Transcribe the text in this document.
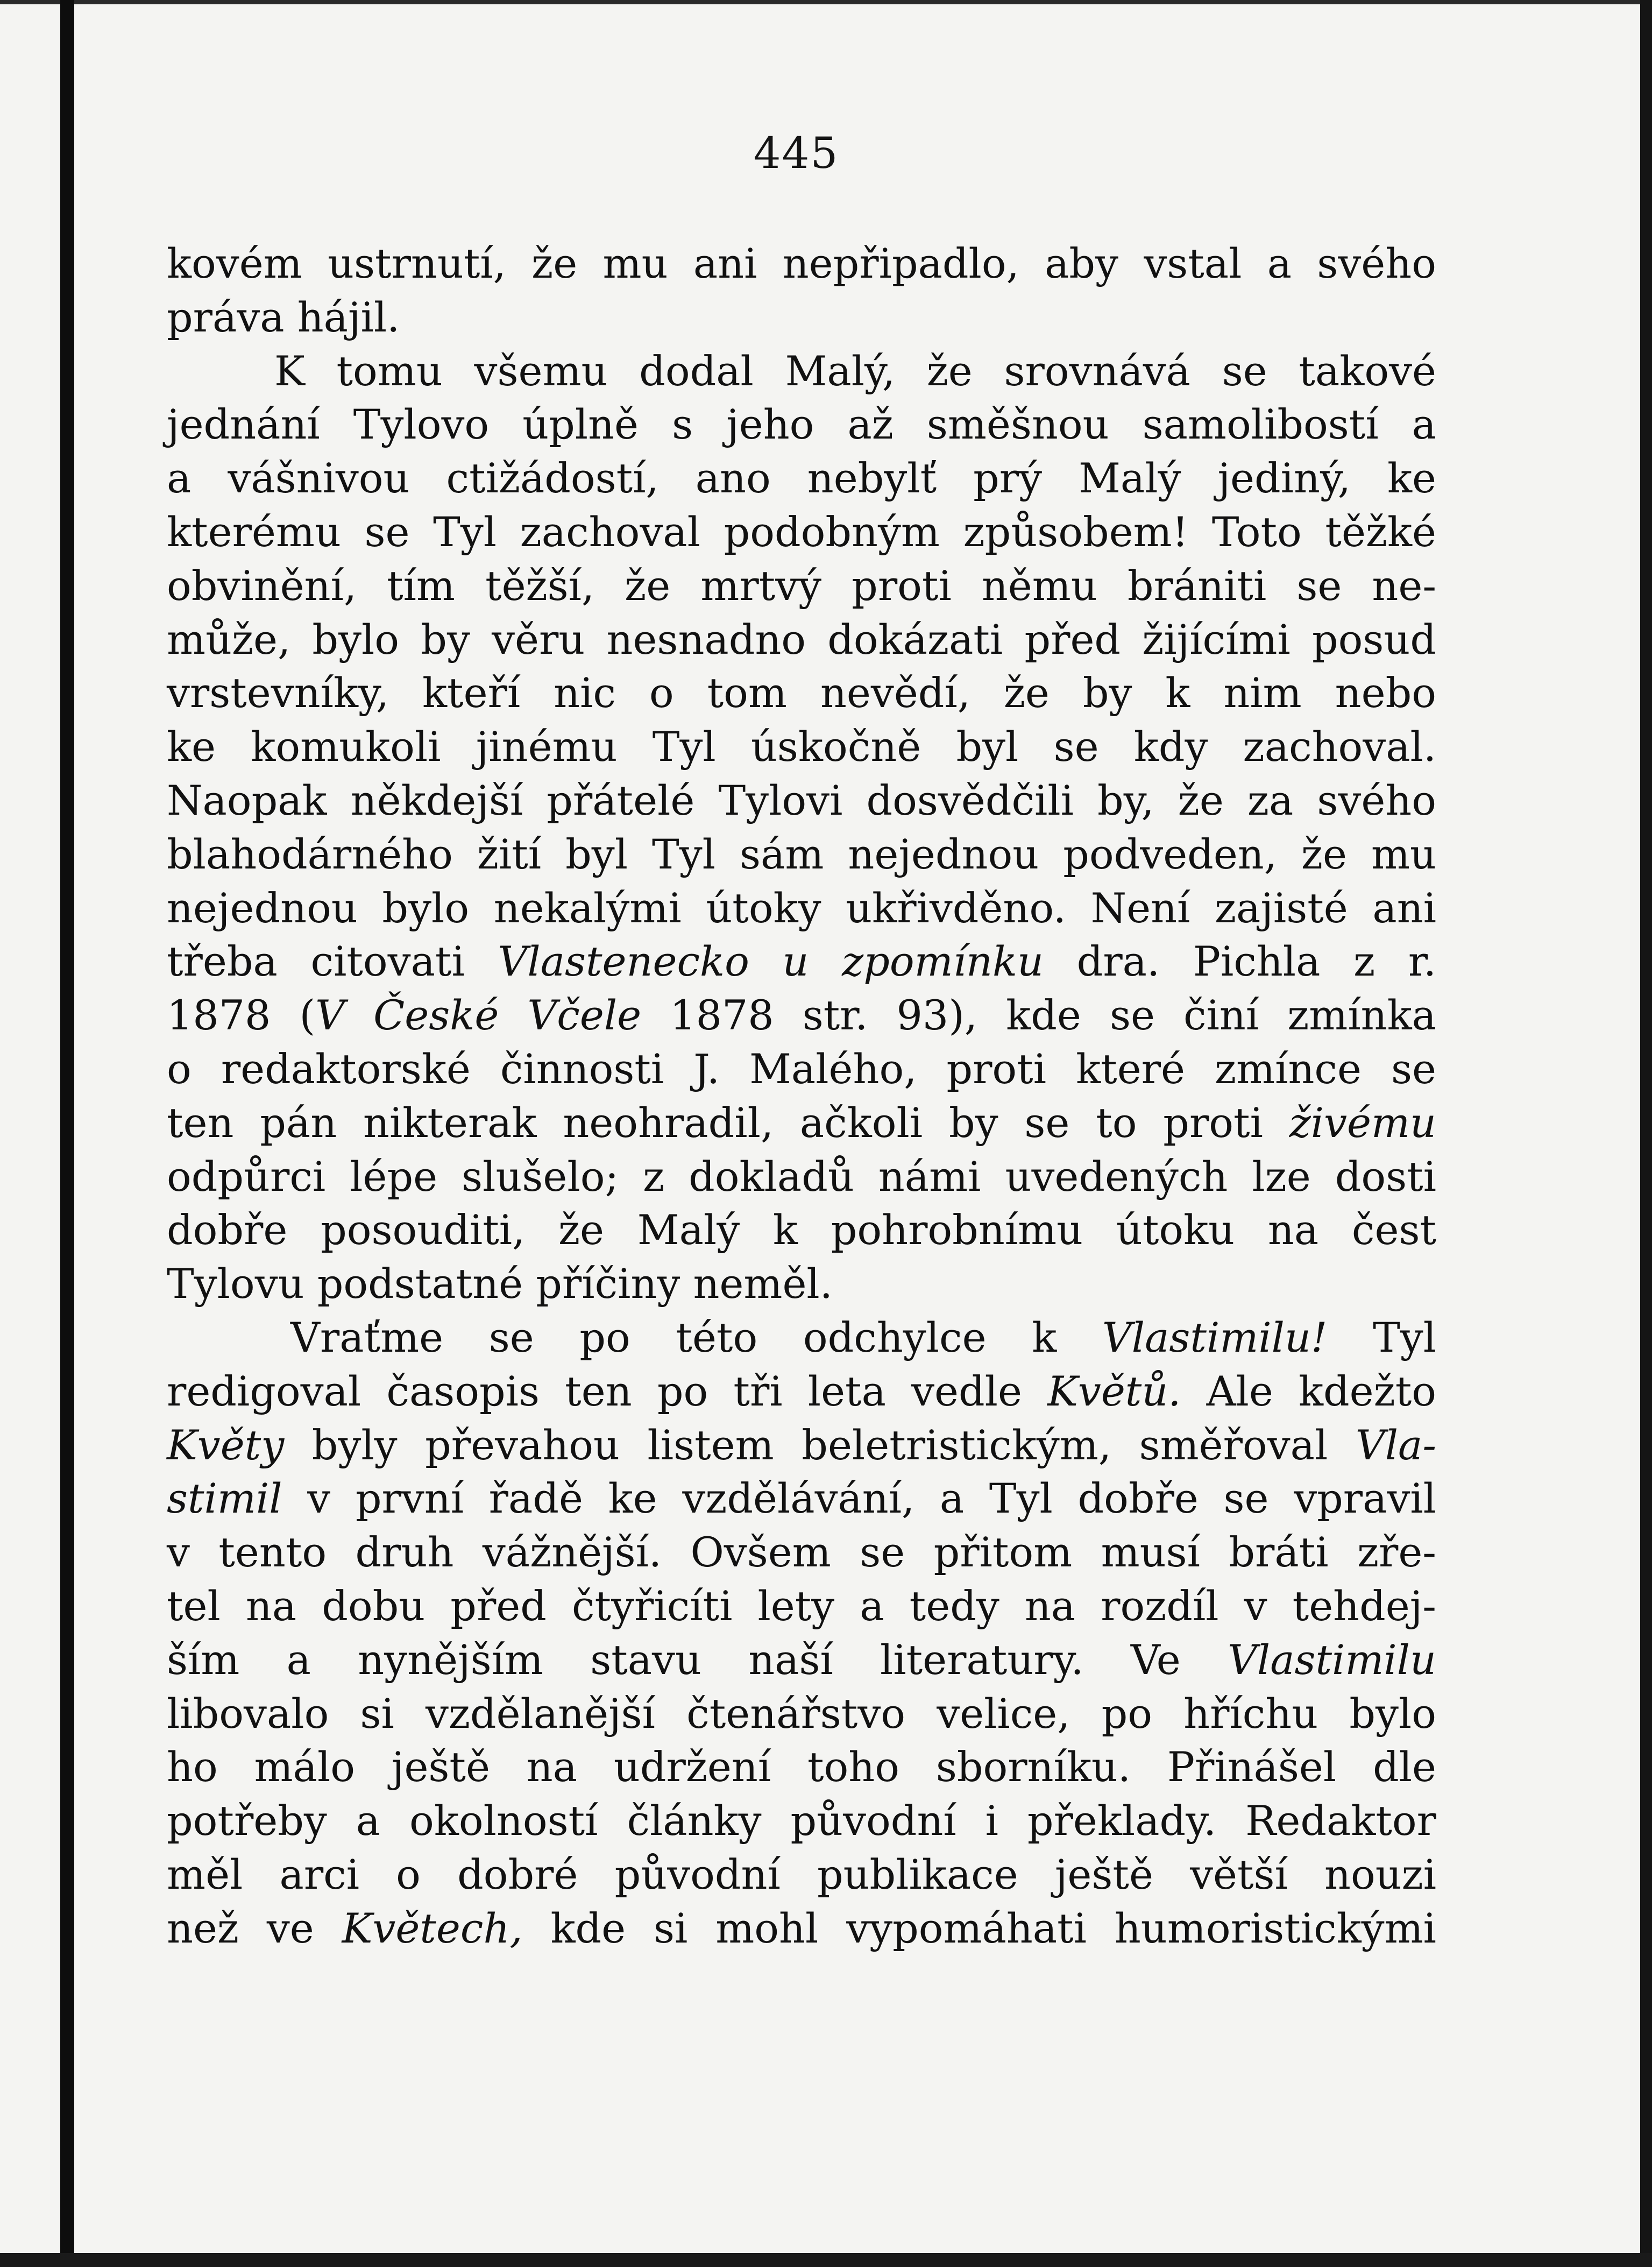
445
kovém ustrnutí, že mu ani nepřipadlo, aby vstal a svého
práva hájil.
K tomu všemu dodal Malý, že srovnává se takové
jednání Tylovo úplně s jeho až směšnou samolibostí a
a vášnivou ctižádostí, ano nebylť prý Malý jediný, ke
kterému se Tyl zachoval podobným způsobem! Toto těžké
obvinění, tím těžší, že mrtvý proti němu brániti se ne-
může, bylo by věru nesnadno dokázati před žijícími posud
vrstevníky, kteří nic o tom nevědí, že by k nim nebo
ke komukoli jinému Tyl úskočně byl se kdy zachoval.
Naopak někdejší přátelé Tylovi dosvědčili by, že za svého
blahodárného žití byl Tyl sám nejednou podveden, že mu
nejednou bylo nekalými útoky ukřivděno. Není zajisté ani
třeba citovati Vlastenecko u zpomínku dra. Pichla z r.
1878 (V České Včele 1878 str. 93), kde se činí zmínka
o redaktorské činnosti J. Malého, proti které zmínce se
ten pán nikterak neohradil, ačkoli by se to proti živému
odpůrci lépe slušelo; z dokladů námi uvedených lze dosti
dobře posouditi, že Malý k pohrobnímu útoku na čest
Tylovu podstatné příčiny neměl.
Vraťme se po této odchylce k Vlastimilu! Tyl
redigoval časopis ten po tři leta vedle Květů. Ale kdežto
Květy byly převahou listem beletristickým, směřoval Vla-
stimil v první řadě ke vzdělávání, a Tyl dobře se vpravil
v tento druh vážnější. Ovšem se přitom musí bráti zře-
tel na dobu před čtyřicíti lety a tedy na rozdíl v tehdej-
ším a nynějším stavu naší literatury. Ve Vlastimilu
libovalo si vzdělanější čtenářstvo velice, po hříchu bylo
ho málo ještě na udržení toho sborníku. Přinášel dle
potřeby a okolností články původní i překlady. Redaktor
měl arci o dobré původní publikace ještě větší nouzi
než ve Květech, kde si mohl vypomáhati humoristickými
